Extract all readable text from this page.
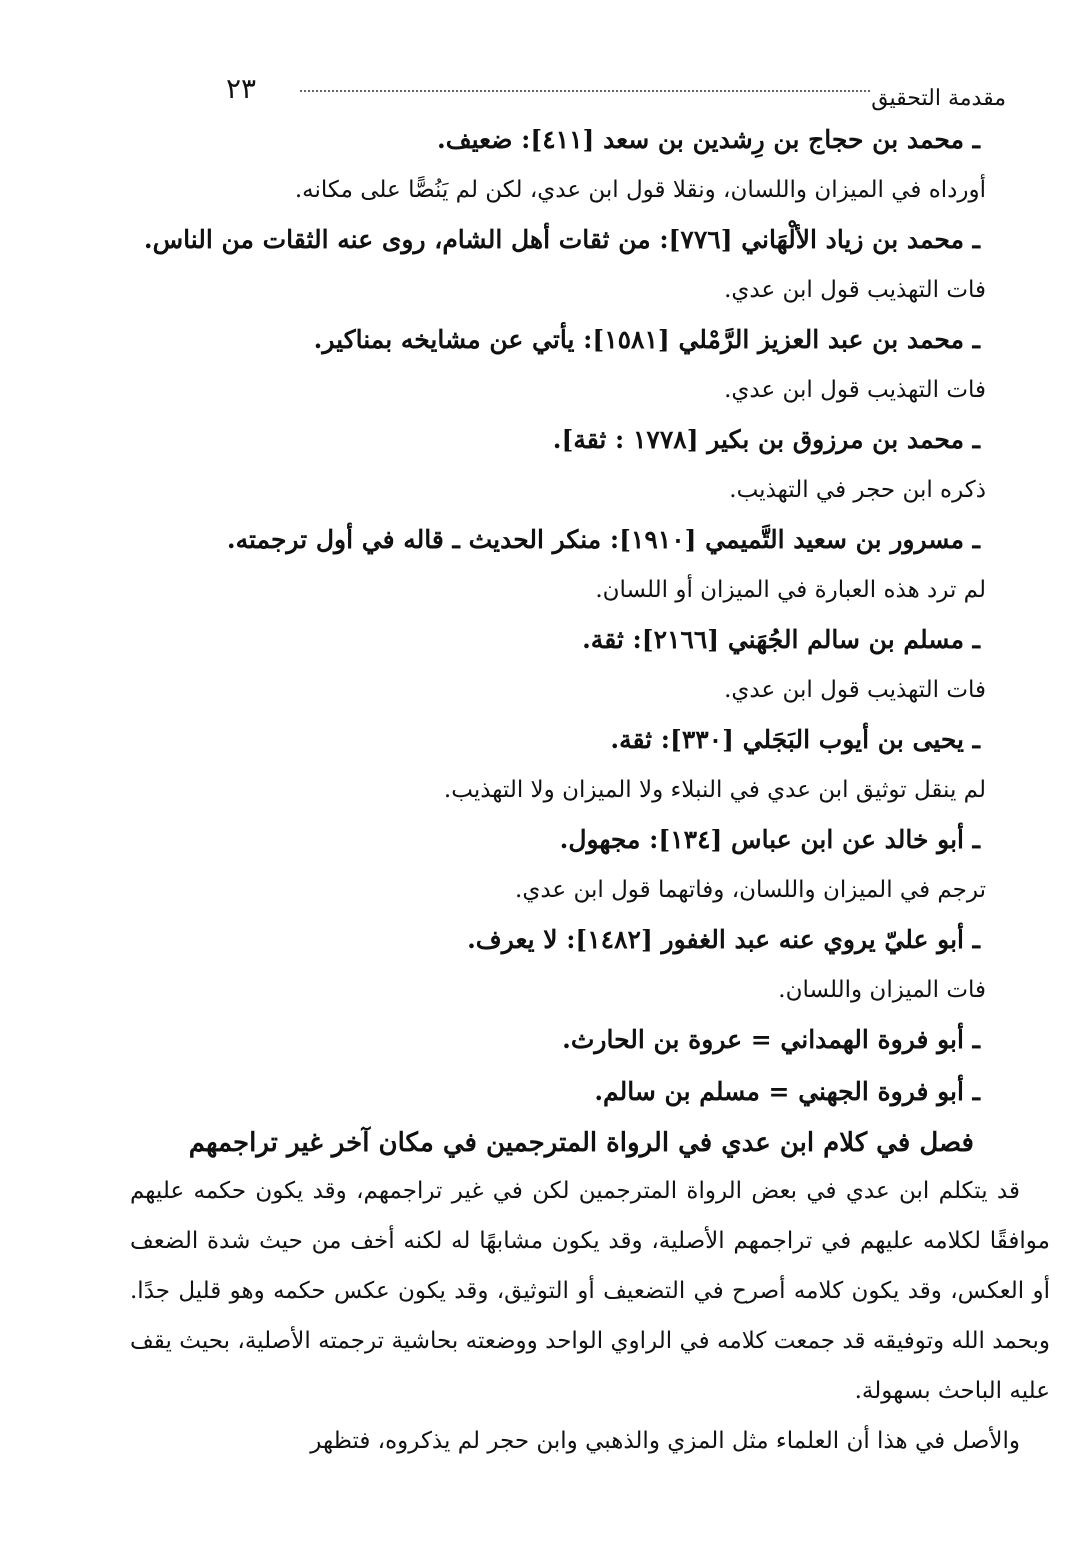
مقدمة التحقيق
٢٣

ـ محمد بن حجاج بن رِشدين بن سعد [٤١١]: ضعيف.

أورداه في الميزان واللسان، ونقلا قول ابن عدي، لكن لم يَنُصًّا على مكانه.

ـ محمد بن زياد الألْهَاني [٧٧٦]: من ثقات أهل الشام، روى عنه الثقات من الناس.

فات التهذيب قول ابن عدي.

ـ محمد بن عبد العزيز الرَّمْلي [١٥٨١]: يأتي عن مشايخه بمناكير.

فات التهذيب قول ابن عدي.

ـ محمد بن مرزوق بن بكير [١٧٧٨ : ثقة].

ذكره ابن حجر في التهذيب.

ـ مسرور بن سعيد التَّميمي [١٩١٠]: منكر الحديث ـ قاله في أول ترجمته.

لم ترد هذه العبارة في الميزان أو اللسان.

ـ مسلم بن سالم الجُهَني [٢١٦٦]: ثقة.

فات التهذيب قول ابن عدي.

ـ يحيى بن أيوب البَجَلي [٣٣٠]: ثقة.

لم ينقل توثيق ابن عدي في النبلاء ولا الميزان ولا التهذيب.

ـ أبو خالد عن ابن عباس [١٣٤]: مجهول.

ترجم في الميزان واللسان، وفاتهما قول ابن عدي.

ـ أبو عليّ يروي عنه عبد الغفور [١٤٨٢]: لا يعرف.

فات الميزان واللسان.

ـ أبو فروة الهمداني = عروة بن الحارث.

ـ أبو فروة الجهني = مسلم بن سالم.

فصل في كلام ابن عدي في الرواة المترجمين في مكان آخر غير تراجمهم

قد يتكلم ابن عدي في بعض الرواة المترجمين لكن في غير تراجمهم، وقد يكون حكمه عليهم موافقًا لكلامه عليهم في تراجمهم الأصلية، وقد يكون مشابهًا له لكنه أخف من حيث شدة الضعف أو العكس، وقد يكون كلامه أصرح في التضعيف أو التوثيق، وقد يكون عكس حكمه وهو قليل جدًا. وبحمد الله وتوفيقه قد جمعت كلامه في الراوي الواحد ووضعته بحاشية ترجمته الأصلية، بحيث يقف عليه الباحث بسهولة.

والأصل في هذا أن العلماء مثل المزي والذهبي وابن حجر لم يذكروه، فتظهر
